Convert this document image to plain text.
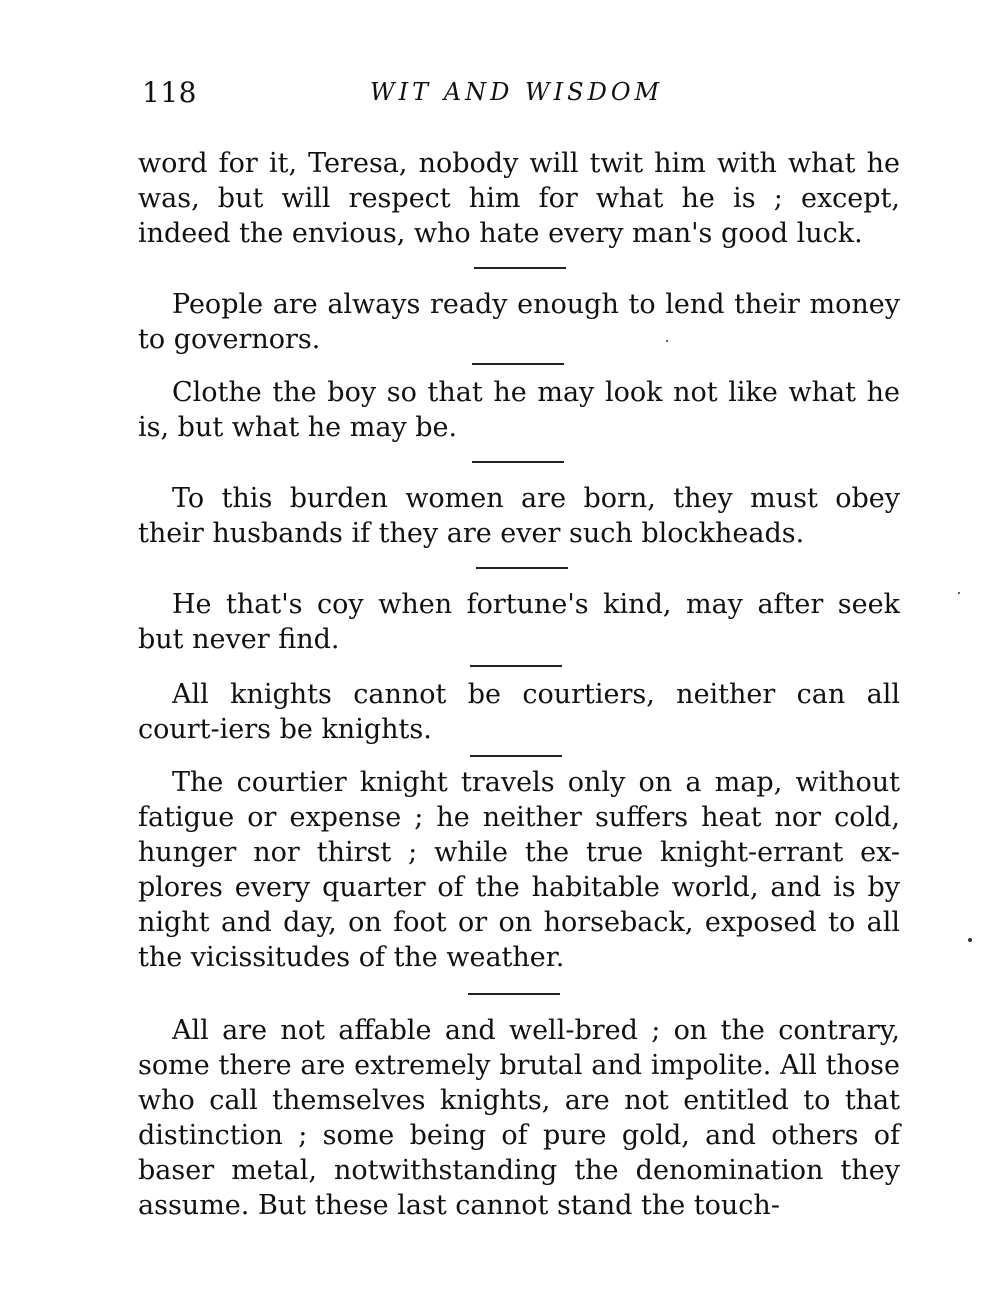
118	WIT AND WISDOM

word for it, Teresa, nobody will twit him with what he was, but will respect him for what he is ; except, indeed the envious, who hate every man's good luck.

People are always ready enough to lend their money to governors.

Clothe the boy so that he may look not like what he is, but what he may be.

To this burden women are born, they must obey their husbands if they are ever such blockheads.

He that's coy when fortune's kind, may after seek but never find.

All knights cannot be courtiers, neither can all court-iers be knights.

The courtier knight travels only on a map, without fatigue or expense ; he neither suffers heat nor cold, hunger nor thirst ; while the true knight-errant ex-plores every quarter of the habitable world, and is by night and day, on foot or on horseback, exposed to all the vicissitudes of the weather.

All are not affable and well-bred ; on the contrary, some there are extremely brutal and impolite. All those who call themselves knights, are not entitled to that distinction ; some being of pure gold, and others of baser metal, notwithstanding the denomination they assume. But these last cannot stand the touch-
